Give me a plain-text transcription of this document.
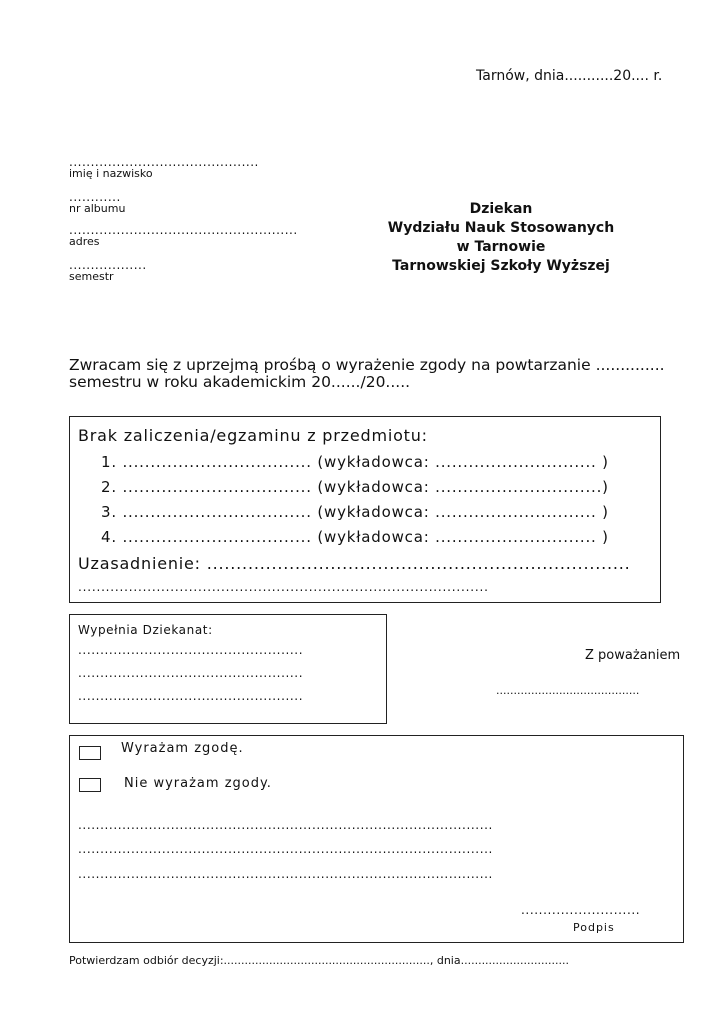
Tarnów, dnia...........20.... r.
............................................
imię i nazwisko
............
nr albumu
.....................................................
adres
..................
semestr
Dziekan
Wydziału Nauk Stosowanych
w Tarnowie
Tarnowskiej Szkoły Wyższej
Zwracam się z uprzejmą prośbą o wyrażenie zgody na powtarzanie ..............
semestru w roku akademickim 20....../20.....
Brak zaliczenia/egzaminu z przedmiotu:
1. .................................. (wykładowca: ............................. )
2. .................................. (wykładowca: ..............................)
3. .................................. (wykładowca: ............................. )
4. .................................. (wykładowca: ............................. )
Uzasadnienie: ........................................................................
.........................................................................................
Wypełnia Dziekanat:
...................................................
...................................................
...................................................
Z poważaniem
.........................................
Wyrażam zgodę.
Nie wyrażam zgody.
..............................................................................................
..............................................................................................
..............................................................................................
...........................
Podpis
Potwierdzam odbiór decyzji:..........................................................., dnia...............................
